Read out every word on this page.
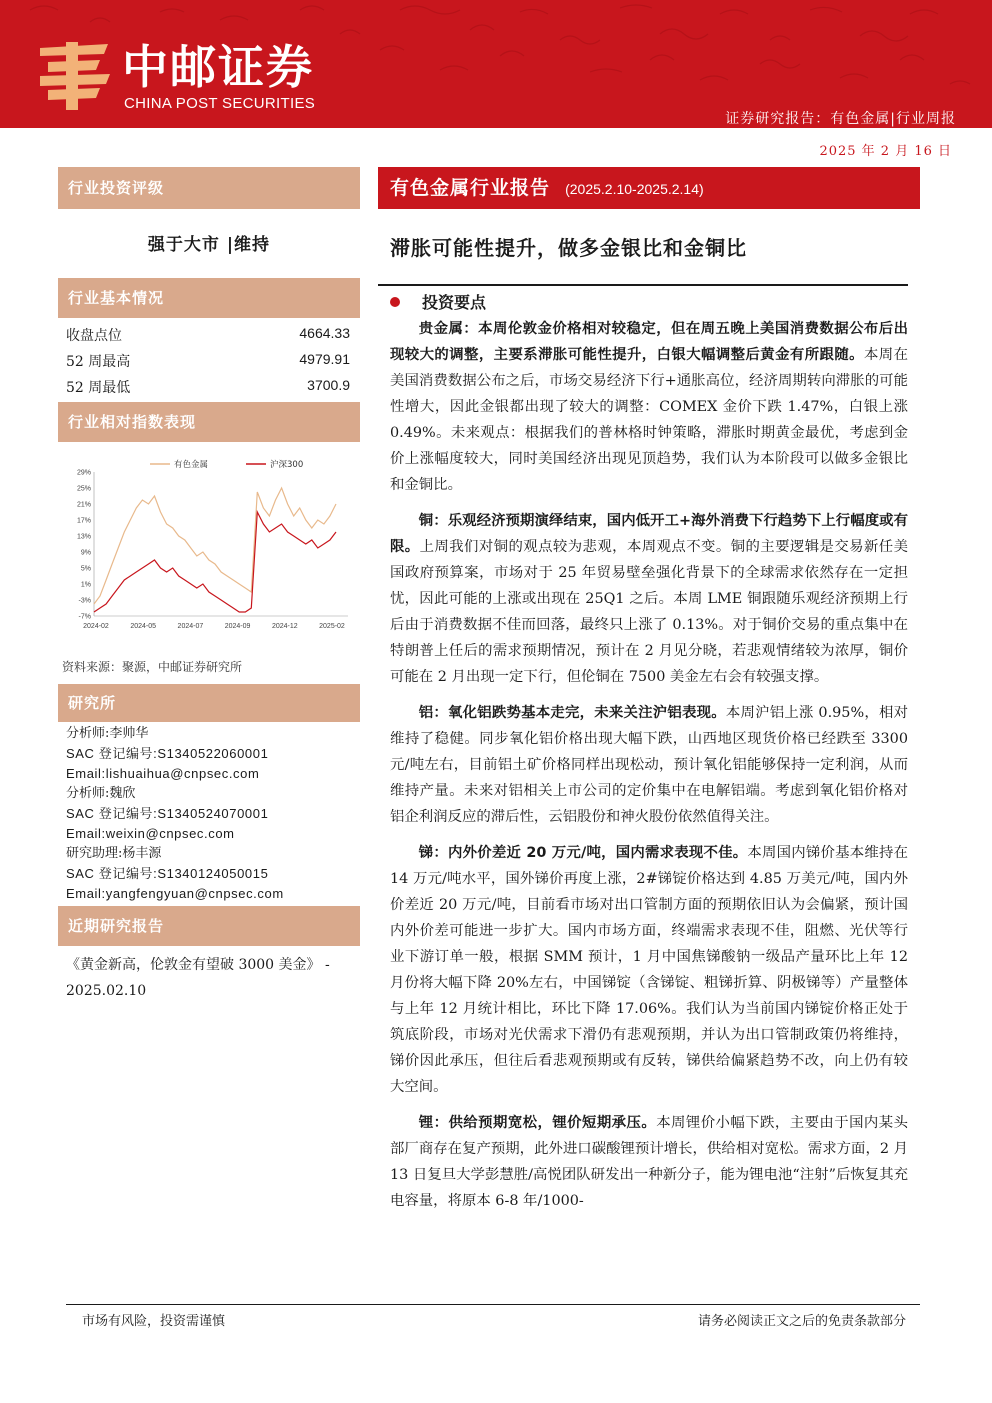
中邮证券
CHINA POST SECURITIES
证券研究报告：有色金属|行业周报
2025 年 2 月 16 日
行业投资评级
强于大市 |维持
行业基本情况
收盘点位	4664.33
52 周最高	4979.91
52 周最低	3700.9
行业相对指数表现
29%
25%
21%
17%
13%
9%
5%
1%
-3%
-7%
2024-02	2024-05	2024-07	2024-09	2024-12	2025-02
有色金属	沪深300
资料来源：聚源，中邮证券研究所
研究所
分析师:李帅华
SAC 登记编号:S1340522060001
Email:lishuaihua@cnpsec.com
分析师:魏欣
SAC 登记编号:S1340524070001
Email:weixin@cnpsec.com
研究助理:杨丰源
SAC 登记编号:S1340124050015
Email:yangfengyuan@cnpsec.com
近期研究报告
《黄金新高，伦敦金有望破 3000 美金》 - 2025.02.10
有色金属行业报告 (2025.2.10-2025.2.14)
滞胀可能性提升，做多金银比和金铜比
投资要点

贵金属：本周伦敦金价格相对较稳定，但在周五晚上美国消费数据公布后出现较大的调整，主要系滞胀可能性提升，白银大幅调整后黄金有所跟随。本周在美国消费数据公布之后，市场交易经济下行+通胀高位，经济周期转向滞胀的可能性增大，因此金银都出现了较大的调整：COMEX 金价下跌 1.47%，白银上涨 0.49%。未来观点：根据我们的普林格时钟策略，滞胀时期黄金最优，考虑到金价上涨幅度较大，同时美国经济出现见顶趋势，我们认为本阶段可以做多金银比和金铜比。

铜：乐观经济预期演绎结束，国内低开工+海外消费下行趋势下上行幅度或有限。上周我们对铜的观点较为悲观，本周观点不变。铜的主要逻辑是交易新任美国政府预算案，市场对于 25 年贸易壁垒强化背景下的全球需求依然存在一定担忧，因此可能的上涨或出现在 25Q1 之后。本周 LME 铜跟随乐观经济预期上行后由于消费数据不佳而回落，最终只上涨了 0.13%。对于铜价交易的重点集中在特朗普上任后的需求预期情况，预计在 2 月见分晓，若悲观情绪较为浓厚，铜价可能在 2 月出现一定下行，但伦铜在 7500 美金左右会有较强支撑。

铝：氧化铝跌势基本走完，未来关注沪铝表现。本周沪铝上涨 0.95%，相对维持了稳健。同步氧化铝价格出现大幅下跌，山西地区现货价格已经跌至 3300 元/吨左右，目前铝土矿价格同样出现松动，预计氧化铝能够保持一定利润，从而维持产量。未来对铝相关上市公司的定价集中在电解铝端。考虑到氧化铝价格对铝企利润反应的滞后性，云铝股份和神火股份依然值得关注。

锑：内外价差近 20 万元/吨，国内需求表现不佳。本周国内锑价基本维持在 14 万元/吨水平，国外锑价再度上涨，2#锑锭价格达到 4.85 万美元/吨，国内外价差近 20 万元/吨，目前看市场对出口管制方面的预期依旧认为会偏紧，预计国内外价差可能进一步扩大。国内市场方面，终端需求表现不佳，阻燃、光伏等行业下游订单一般，根据 SMM 预计，1 月中国焦锑酸钠一级品产量环比上年 12 月份将大幅下降 20%左右，中国锑锭（含锑锭、粗锑折算、阴极锑等）产量整体与上年 12 月统计相比，环比下降 17.06%。我们认为当前国内锑锭价格正处于筑底阶段，市场对光伏需求下滑仍有悲观预期，并认为出口管制政策仍将维持，锑价因此承压，但往后看悲观预期或有反转，锑供给偏紧趋势不改，向上仍有较大空间。

锂：供给预期宽松，锂价短期承压。本周锂价小幅下跌，主要由于国内某头部厂商存在复产预期，此外进口碳酸锂预计增长，供给相对宽松。需求方面，2 月 13 日复旦大学彭慧胜/高悦团队研发出一种新分子，能为锂电池“注射”后恢复其充电容量，将原本 6-8 年/1000-

市场有风险，投资需谨慎	请务必阅读正文之后的免责条款部分
